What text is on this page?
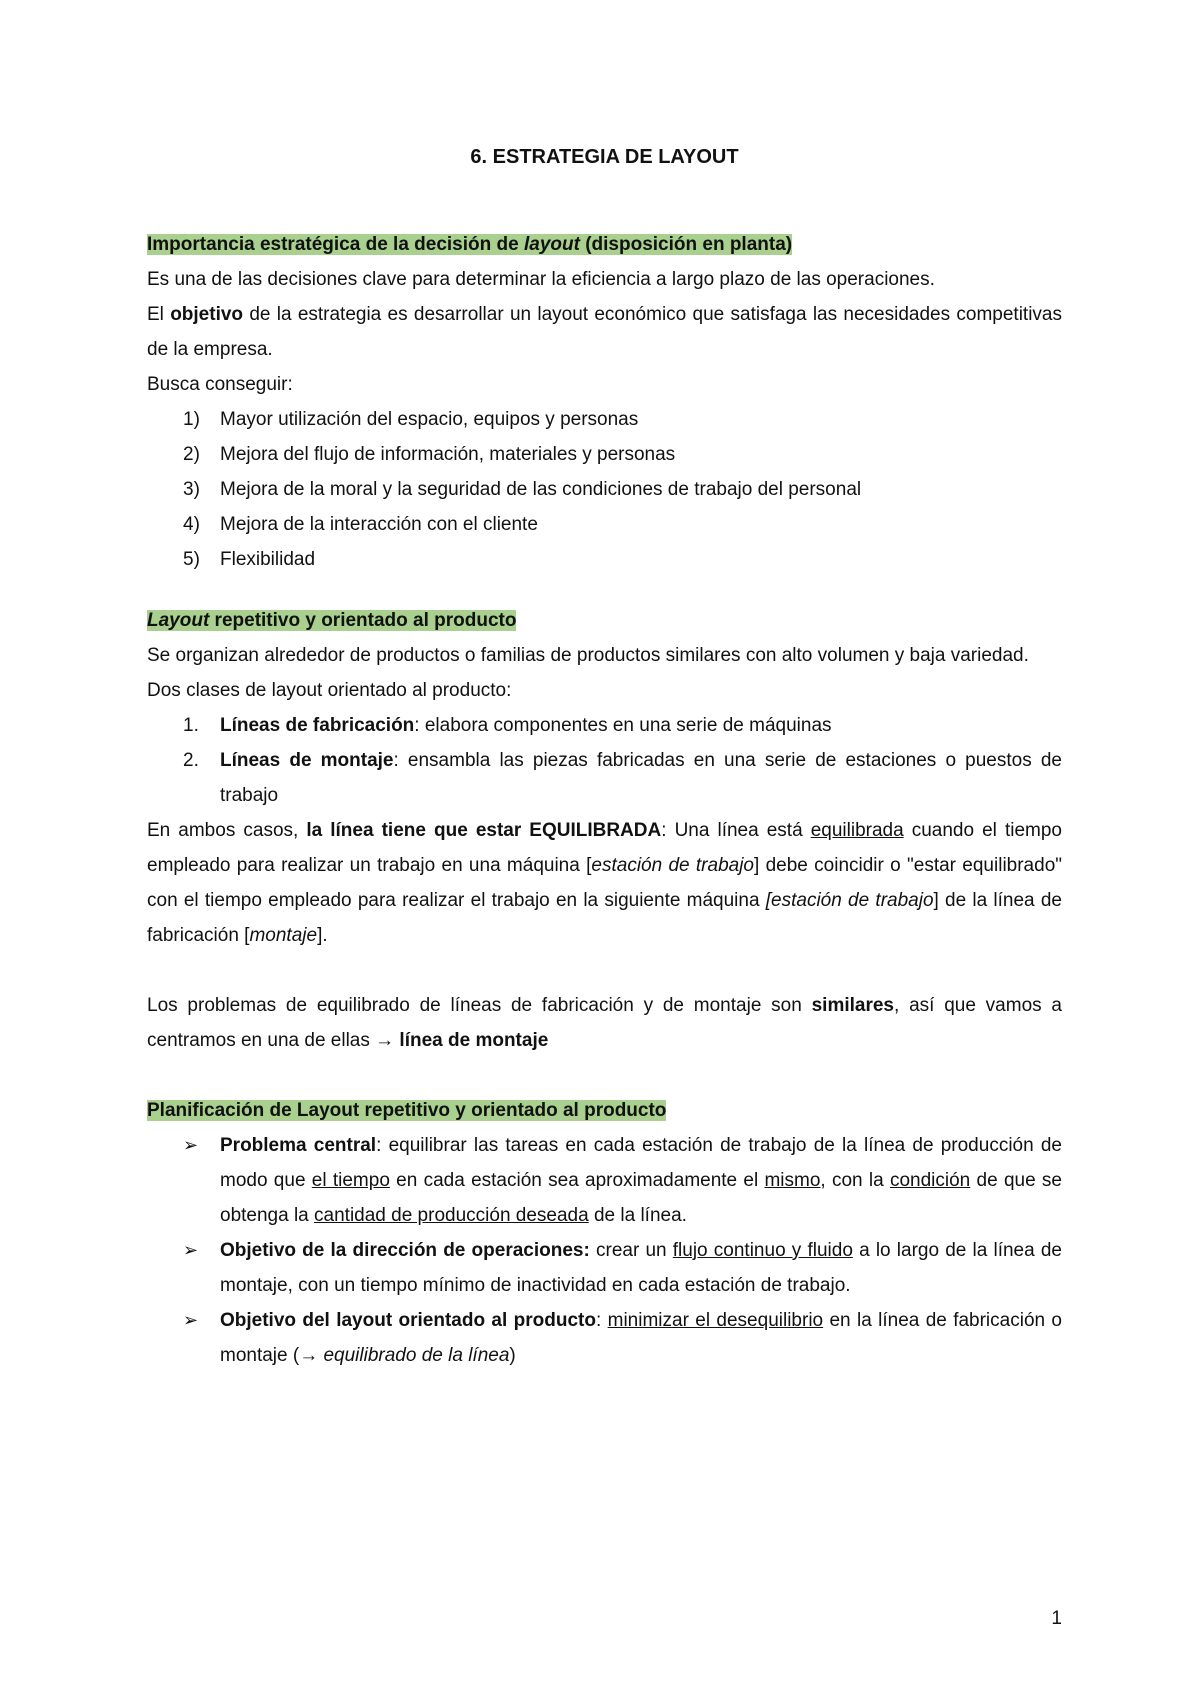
6. ESTRATEGIA DE LAYOUT
Importancia estratégica de la decisión de layout (disposición en planta)

Es una de las decisiones clave para determinar la eficiencia a largo plazo de las operaciones.

El objetivo de la estrategia es desarrollar un layout económico que satisfaga las necesidades competitivas de la empresa.

Busca conseguir:

1) Mayor utilización del espacio, equipos y personas
2) Mejora del flujo de información, materiales y personas
3) Mejora de la moral y la seguridad de las condiciones de trabajo del personal
4) Mejora de la interacción con el cliente
5) Flexibilidad
Layout repetitivo y orientado al producto

Se organizan alrededor de productos o familias de productos similares con alto volumen y baja variedad.

Dos clases de layout orientado al producto:

1. Líneas de fabricación: elabora componentes en una serie de máquinas
2. Líneas de montaje: ensambla las piezas fabricadas en una serie de estaciones o puestos de trabajo

En ambos casos, la línea tiene que estar EQUILIBRADA: Una línea está equilibrada cuando el tiempo empleado para realizar un trabajo en una máquina [estación de trabajo] debe coincidir o "estar equilibrado" con el tiempo empleado para realizar el trabajo en la siguiente máquina [estación de trabajo] de la línea de fabricación [montaje].

Los problemas de equilibrado de líneas de fabricación y de montaje son similares, así que vamos a centramos en una de ellas → línea de montaje

Planificación de Layout repetitivo y orientado al producto
➢ Problema central: equilibrar las tareas en cada estación de trabajo de la línea de producción de modo que el tiempo en cada estación sea aproximadamente el mismo, con la condición de que se obtenga la cantidad de producción deseada de la línea.
➢ Objetivo de la dirección de operaciones: crear un flujo continuo y fluido a lo largo de la línea de montaje, con un tiempo mínimo de inactividad en cada estación de trabajo.
➢ Objetivo del layout orientado al producto: minimizar el desequilibrio en la línea de fabricación o montaje (→ equilibrado de la línea)
1
